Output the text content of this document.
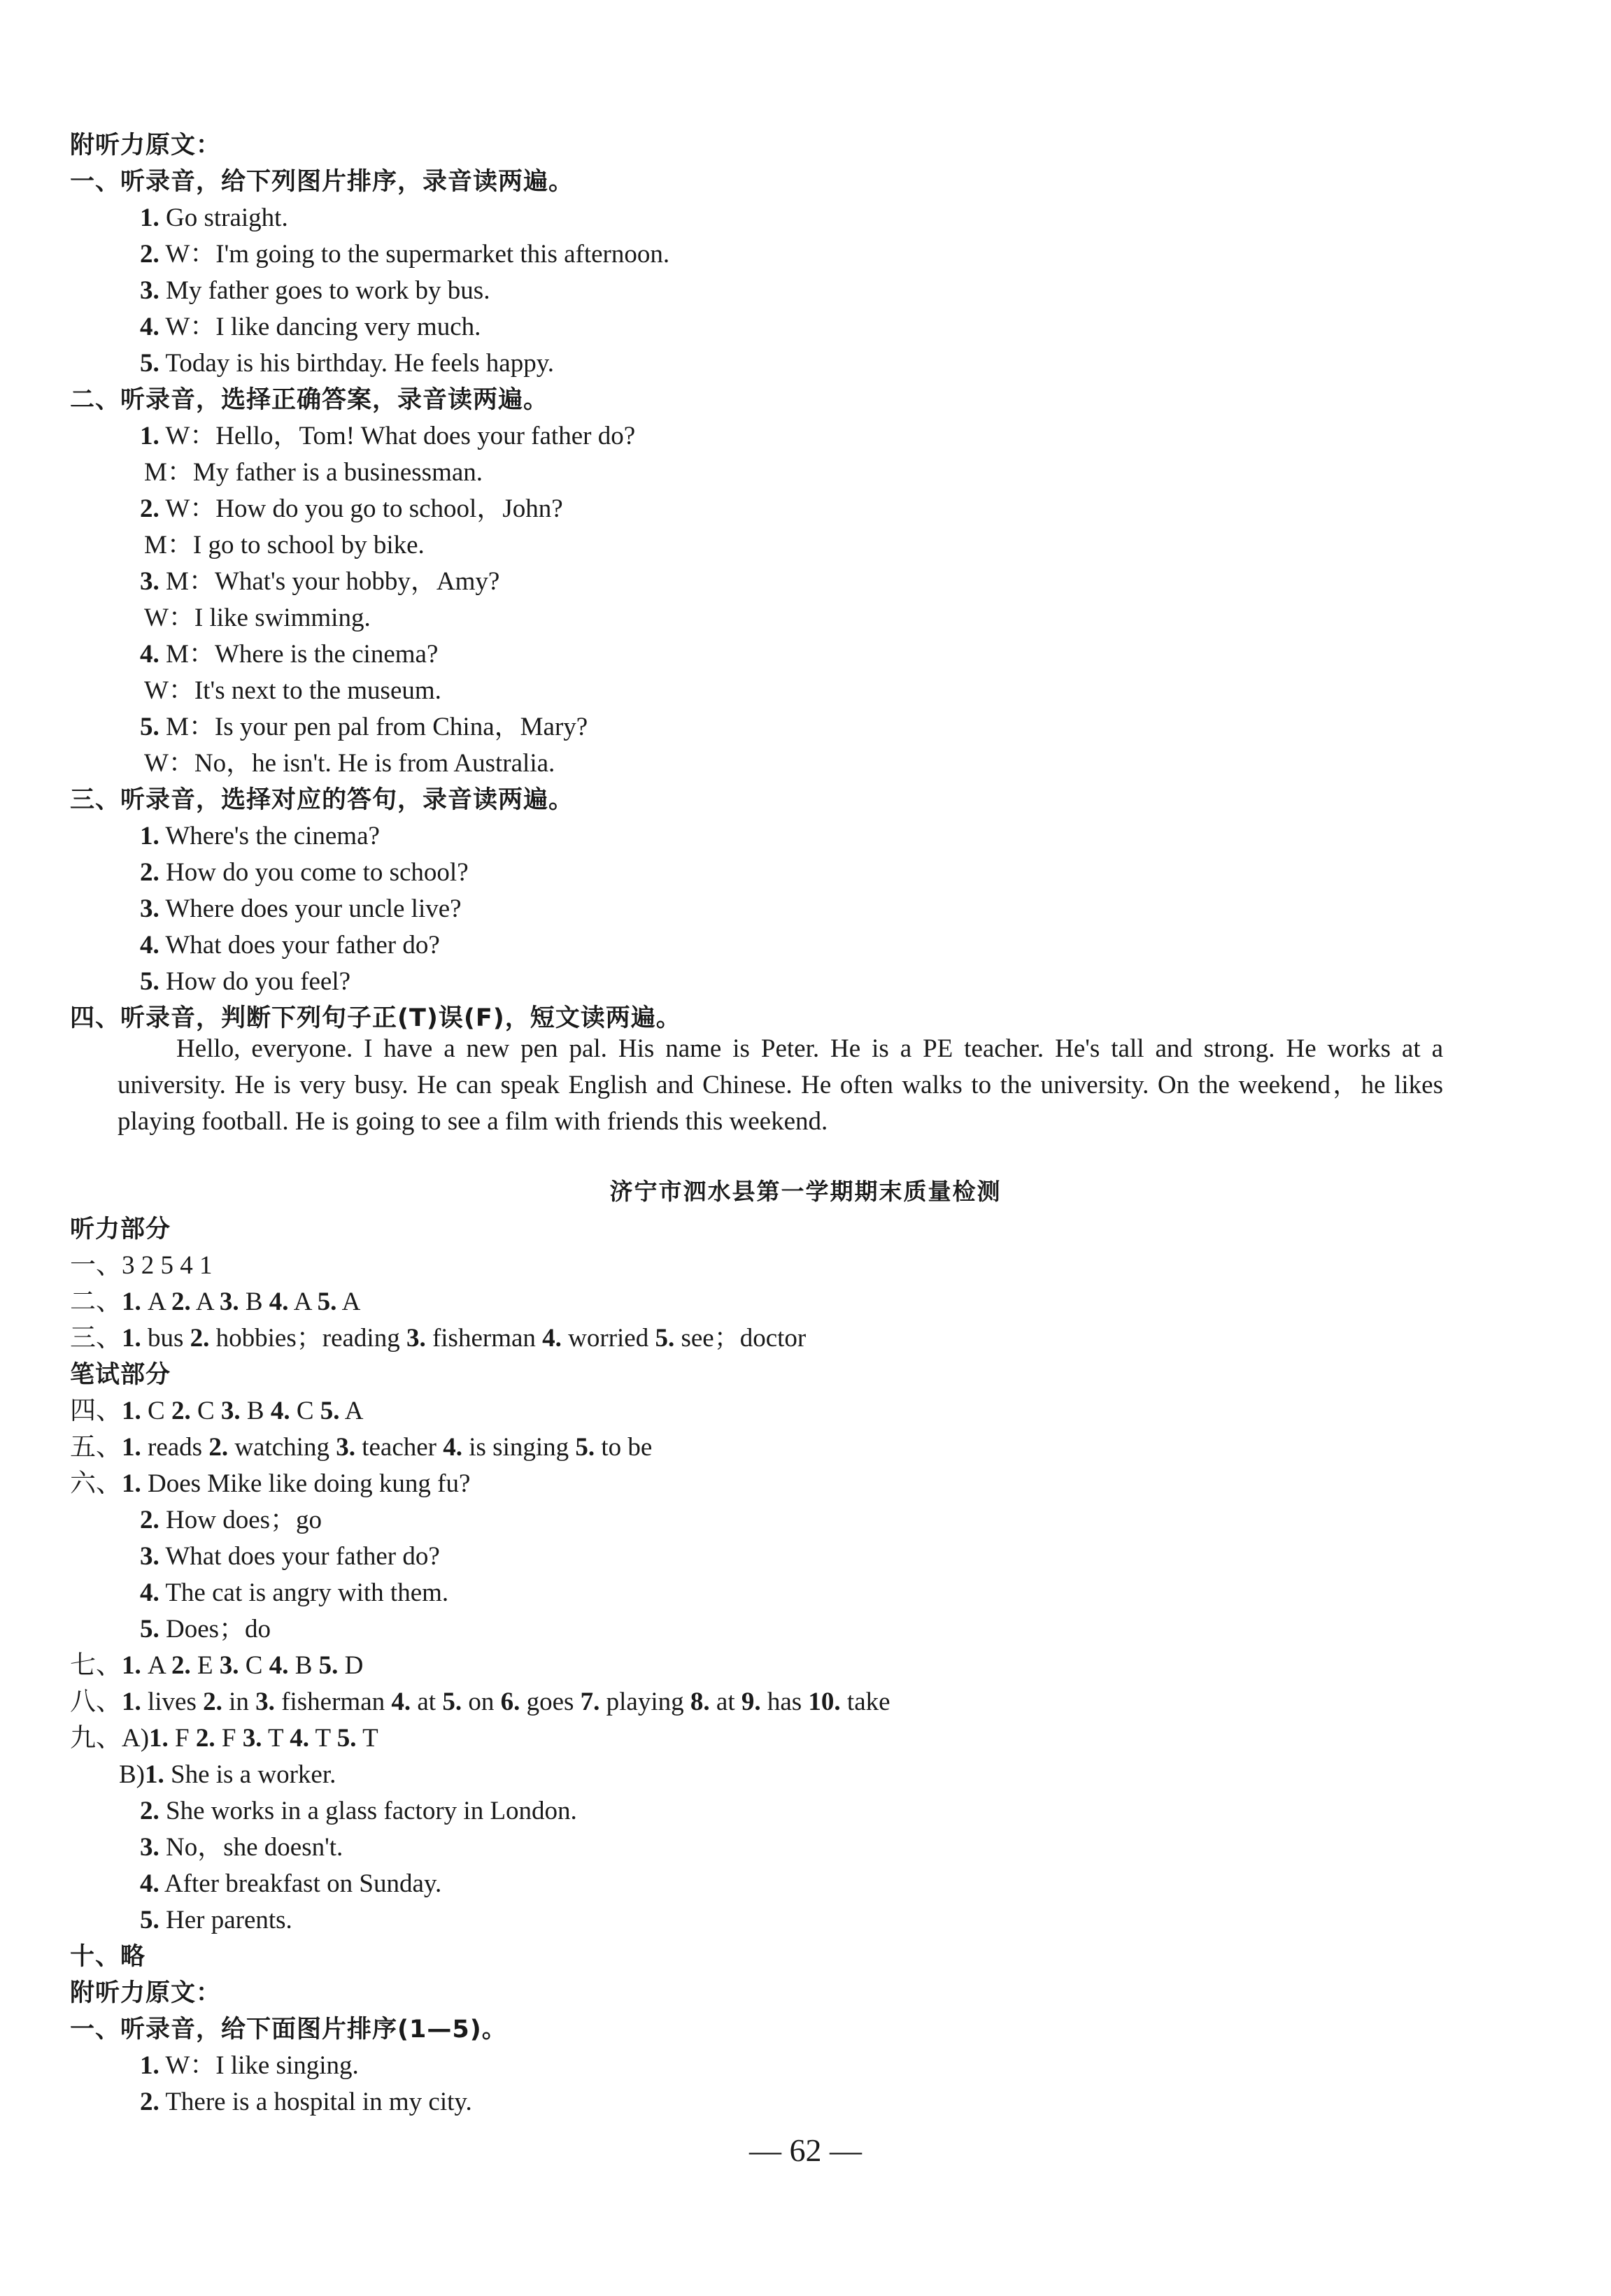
附听力原文：
一、听录音，给下列图片排序，录音读两遍。
1. Go straight.
2. W：I'm going to the supermarket this afternoon.
3. My father goes to work by bus.
4. W：I like dancing very much.
5. Today is his birthday. He feels happy.
二、听录音，选择正确答案，录音读两遍。
1. W：Hello，Tom! What does your father do?
M：My father is a businessman.
2. W：How do you go to school，John?
M：I go to school by bike.
3. M：What's your hobby，Amy?
W：I like swimming.
4. M：Where is the cinema?
W：It's next to the museum.
5. M：Is your pen pal from China，Mary?
W：No，he isn't. He is from Australia.
三、听录音，选择对应的答句，录音读两遍。
1. Where's the cinema?
2. How do you come to school?
3. Where does your uncle live?
4. What does your father do?
5. How do you feel?
四、听录音，判断下列句子正(T)误(F)，短文读两遍。
Hello, everyone. I have a new pen pal. His name is Peter. He is a PE teacher. He's tall and strong. He works at a university. He is very busy. He can speak English and Chinese. He often walks to the university. On the weekend，he likes playing football. He is going to see a film with friends this weekend.
济宁市泗水县第一学期期末质量检测
听力部分
一、3 2 5 4 1
二、1. A 2. A 3. B 4. A 5. A
三、1. bus 2. hobbies；reading 3. fisherman 4. worried 5. see；doctor
笔试部分
四、1. C 2. C 3. B 4. C 5. A
五、1. reads 2. watching 3. teacher 4. is singing 5. to be
六、1. Does Mike like doing kung fu?
2. How does；go
3. What does your father do?
4. The cat is angry with them.
5. Does；do
七、1. A 2. E 3. C 4. B 5. D
八、1. lives 2. in 3. fisherman 4. at 5. on 6. goes 7. playing 8. at 9. has 10. take
九、A)1. F 2. F 3. T 4. T 5. T
B)1. She is a worker.
2. She works in a glass factory in London.
3. No，she doesn't.
4. After breakfast on Sunday.
5. Her parents.
十、略
附听力原文：
一、听录音，给下面图片排序(1—5)。
1. W：I like singing.
2. There is a hospital in my city.
— 62 —
